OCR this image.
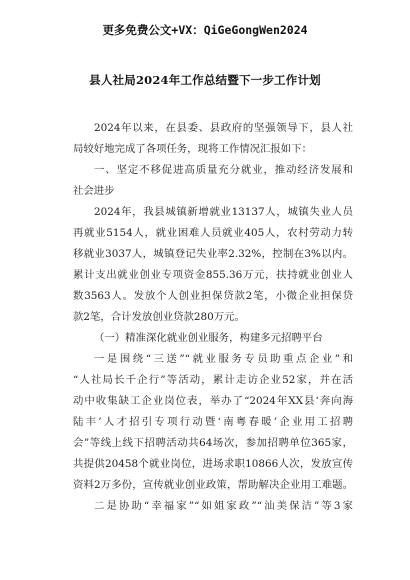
更多免费公文+VX：QiGeGongWen2024
县人社局2024年工作总结暨下一步工作计划
2024年以来，在县委、县政府的坚强领导下，县人社
局较好地完成了各项任务，现将工作情况汇报如下：
一、坚定不移促进高质量充分就业，推动经济发展和
社会进步
2024年，我县城镇新增就业13137人，城镇失业人员
再就业5154人，就业困难人员就业405人，农村劳动力转
移就业3037人，城镇登记失业率2.32%，控制在3%以内。
累计支出就业创业专项资金855.36万元，扶持就业创业人
数3563人。发放个人创业担保贷款2笔，小微企业担保贷
款2笔，合计发放创业贷款280万元。
（一）精准深化就业创业服务，构建多元招聘平台
一是围绕“三送”“就业服务专员助重点企业”和
“人社局长千企行”等活动，累计走访企业52家，并在活
动中收集缺工企业岗位表，举办了“2024年XX县‘奔向海
陆丰’人才招引专项行动暨‘南粤春暖’企业用工招聘
会”等线上线下招聘活动共64场次，参加招聘单位365家，
共提供20458个就业岗位，进场求职10866人次，发放宣传
资料2万多份，宣传就业创业政策，帮助解决企业用工难题。
二是协助“幸福家”“如姐家政”“汕美保洁”等3家
